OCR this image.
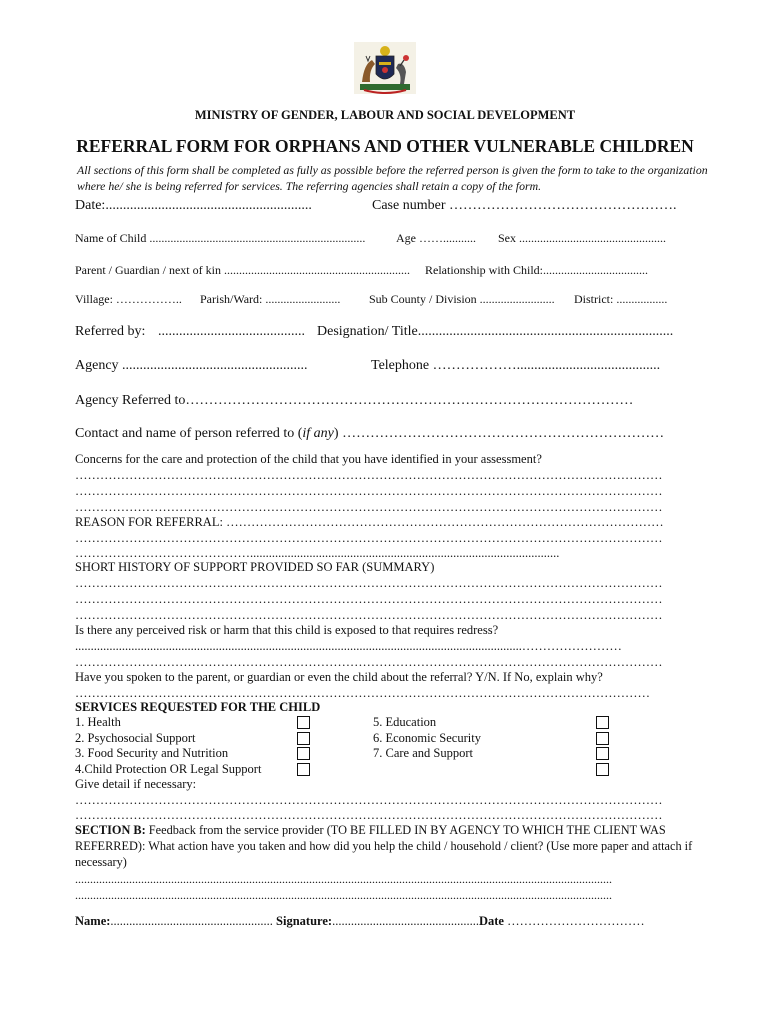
MINISTRY OF GENDER, LABOUR AND SOCIAL DEVELOPMENT
REFERRAL FORM FOR ORPHANS AND OTHER VULNERABLE CHILDREN
All sections of this form shall be completed as fully as possible before the referred person is given the form to take to the organization where he/ she is being referred for services. The referring agencies shall retain a copy of the form.
Date:...........................................................	Case number ………………………………………….
Name of Child ........................................................................	Age ……........... Sex .................................................
Parent / Guardian / next of kin .............................................................. Relationship with Child:...................................
Village: …………….. Parish/Ward: ......................... Sub County / Division ......................... District: .................
Referred by: .......................................... Designation/ Title.........................................................................
Agency .....................................................	Telephone ……………….........................................
Agency Referred to……………………………………………………………………………………
Contact and name of person referred to (if any) ……………………………………………………………
Concerns for the care and protection of the child that you have identified in your assessment?
……………………………………………………………………………………………………………………………
……………………………………………………………………………………………………………………………
……………………………………………………………………………………………………………………………
REASON FOR REFERRAL: ……………………………………………………………………………………………
……………………………………………………………………………………………………………………………
……………………………………...................................................................................................
SHORT HISTORY OF SUPPORT PROVIDED SO FAR (SUMMARY)
……………………………………………………………………………………………………………………………
……………………………………………………………………………………………………………………………
……………………………………………………………………………………………………………………………
Is there any perceived risk or harm that this child is exposed to that requires redress?
...............................................................................................................................................……………………
……………………………………………………………………………………………………………………………
Have you spoken to the parent, or guardian or even the child about the referral? Y/N. If No, explain why?
…………………………………………………………………………………………………………………………
SERVICES REQUESTED FOR THE CHILD
1. Health
2. Psychosocial Support
3. Food Security and Nutrition
4.Child Protection OR Legal Support
5. Education
6. Economic Security
7. Care and Support
Give detail if necessary:
……………………………………………………………………………………………………………………………
……………………………………………………………………………………………………………………………
SECTION B: Feedback from the service provider (TO BE FILLED IN BY AGENCY TO WHICH THE CLIENT WAS REFERRED): What action have you taken and how did you help the child / household / client? (Use more paper and attach if necessary)
...................................................................................................................................................................................
...................................................................................................................................................................................
Name:.................................................... Signature:...............................................Date ……………………………
